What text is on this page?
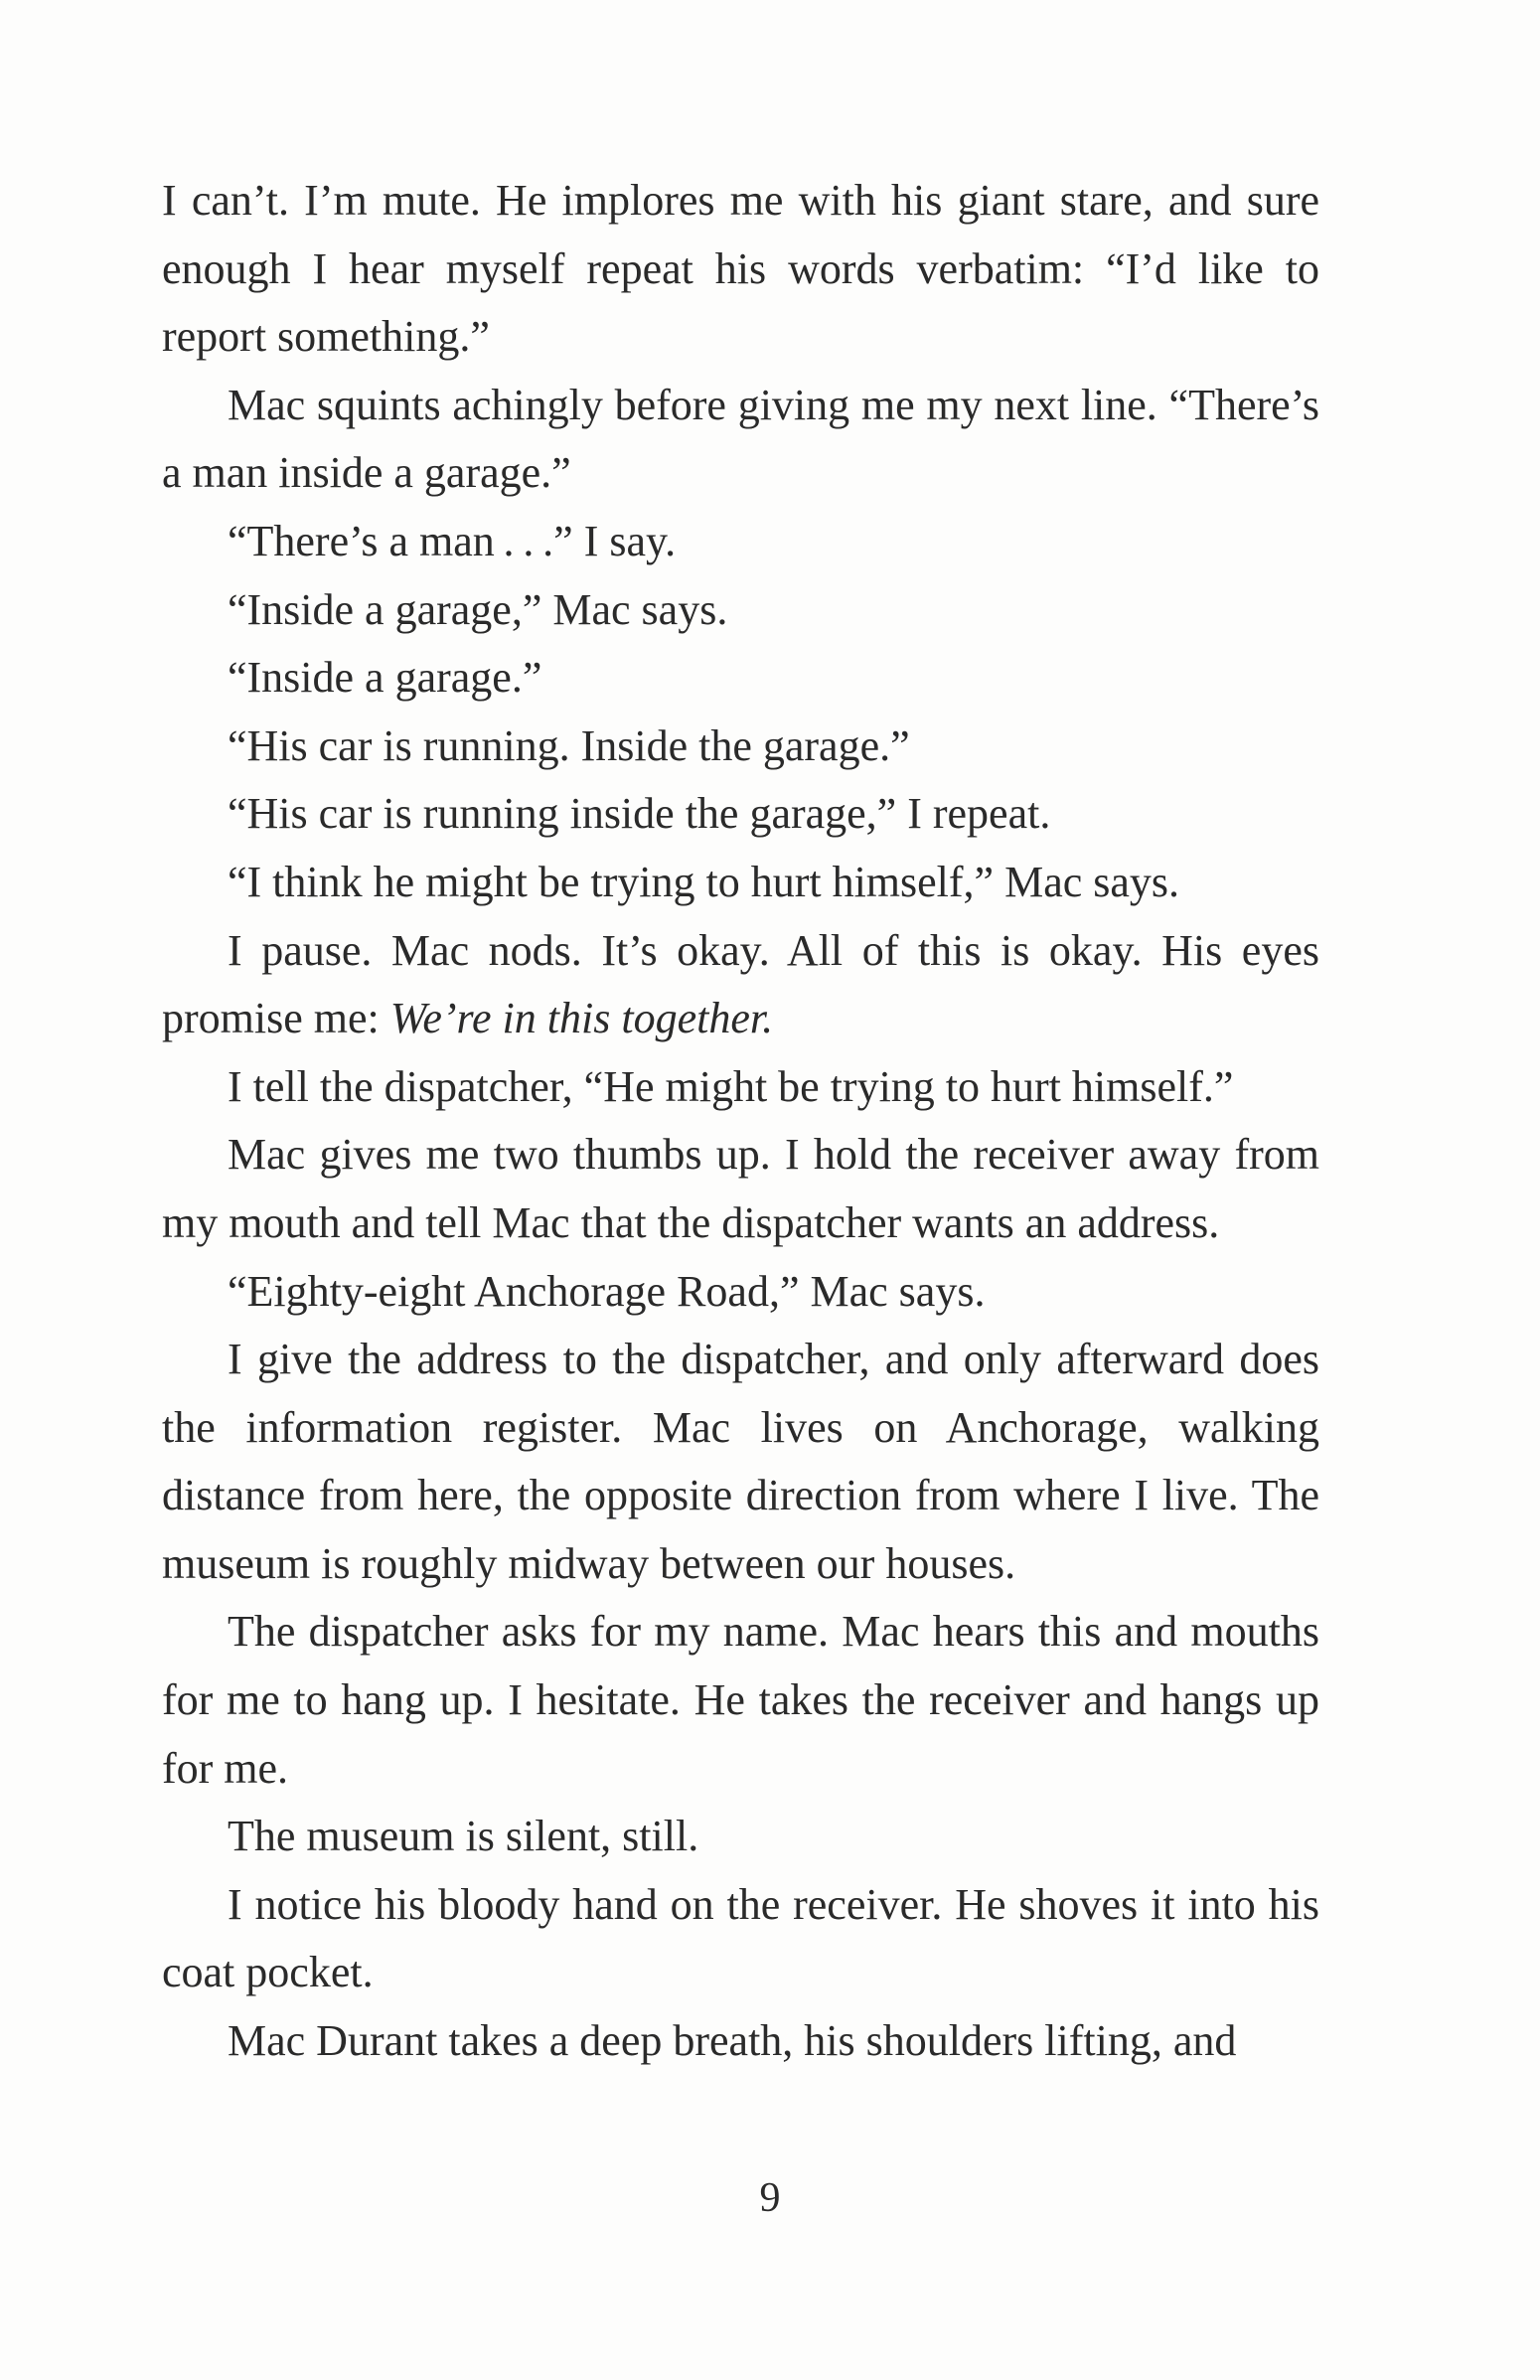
I can’t. I’m mute. He implores me with his giant stare, and sure enough I hear myself repeat his words verbatim: “I’d like to report something.”

Mac squints achingly before giving me my next line. “There’s a man inside a garage.”

“There’s a man . . .” I say.

“Inside a garage,” Mac says.

“Inside a garage.”

“His car is running. Inside the garage.”

“His car is running inside the garage,” I repeat.

“I think he might be trying to hurt himself,” Mac says.

I pause. Mac nods. It’s okay. All of this is okay. His eyes promise me: We’re in this together.

I tell the dispatcher, “He might be trying to hurt himself.”

Mac gives me two thumbs up. I hold the receiver away from my mouth and tell Mac that the dispatcher wants an address.

“Eighty-eight Anchorage Road,” Mac says.

I give the address to the dispatcher, and only afterward does the information register. Mac lives on Anchorage, walking distance from here, the opposite direction from where I live. The museum is roughly midway between our houses.

The dispatcher asks for my name. Mac hears this and mouths for me to hang up. I hesitate. He takes the receiver and hangs up for me.

The museum is silent, still.

I notice his bloody hand on the receiver. He shoves it into his coat pocket.

Mac Durant takes a deep breath, his shoulders lifting, and

9
